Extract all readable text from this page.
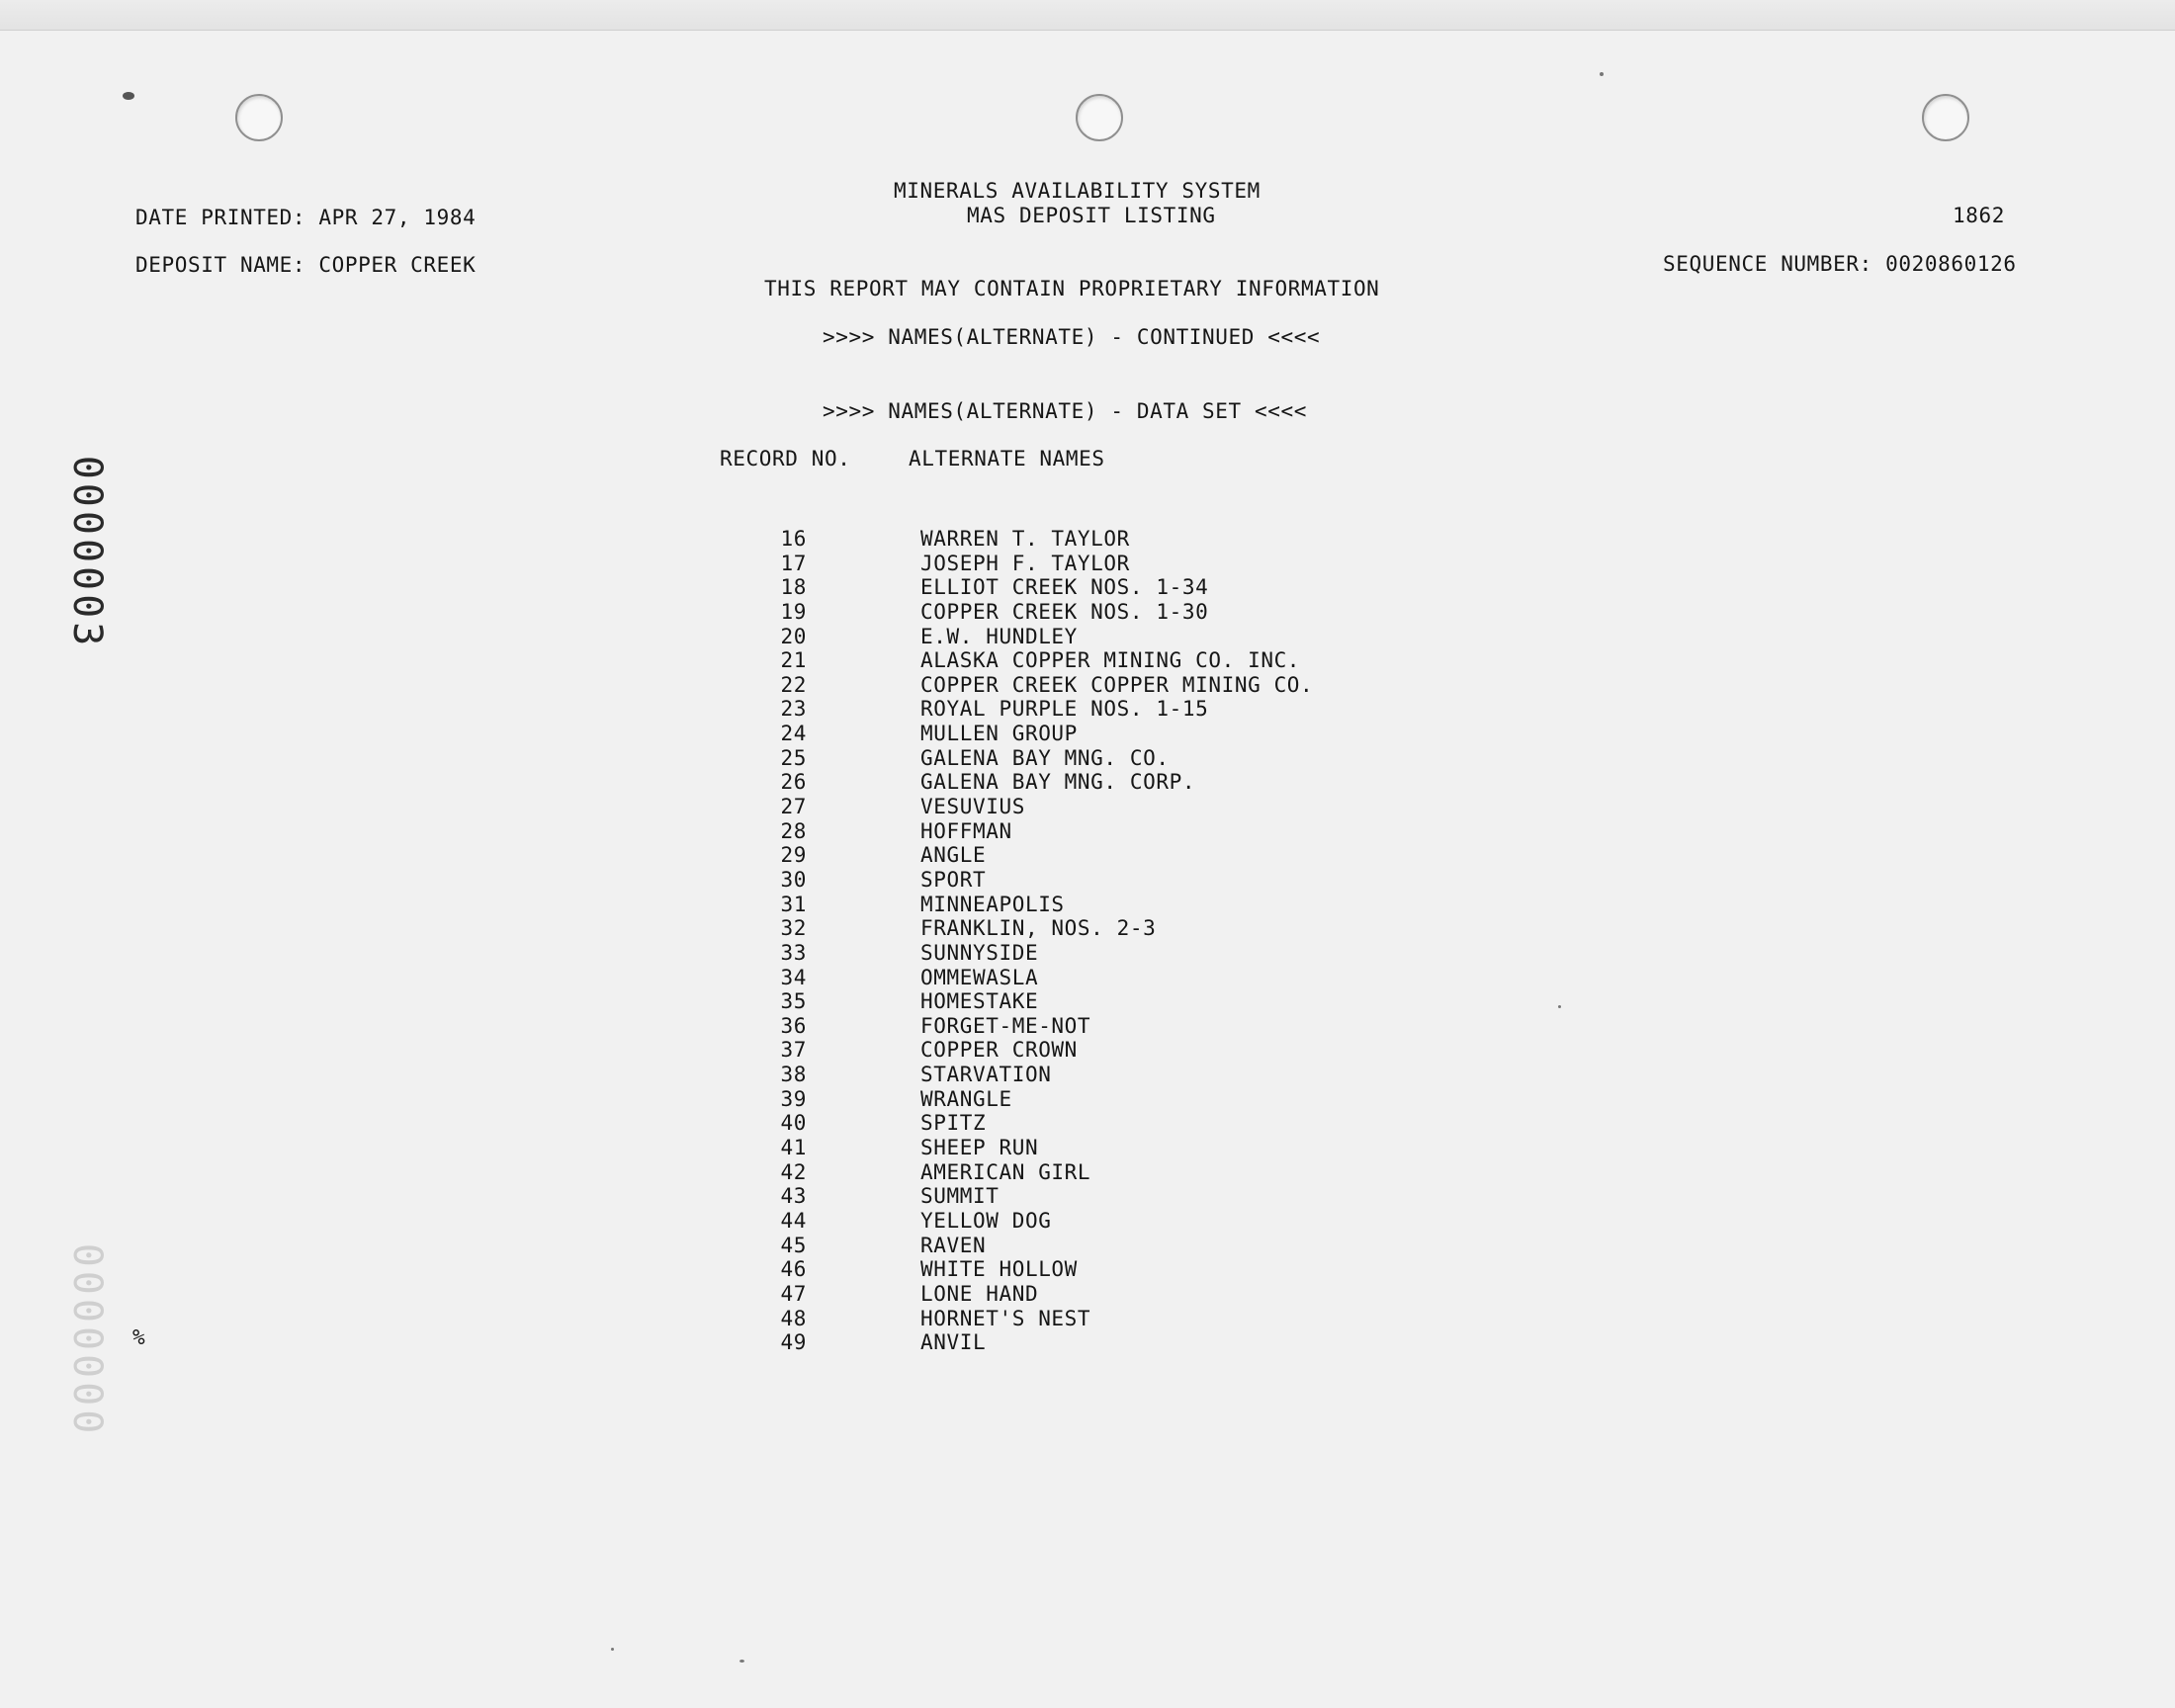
MINERALS AVAILABILITY SYSTEM
MAS DEPOSIT LISTING
DATE PRINTED: APR 27, 1984	1862
DEPOSIT NAME: COPPER CREEK	SEQUENCE NUMBER: 0020860126
THIS REPORT MAY CONTAIN PROPRIETARY INFORMATION
>>>> NAMES(ALTERNATE) - CONTINUED <<<<
>>>> NAMES(ALTERNATE) - DATA SET <<<<
RECORD NO.	ALTERNATE NAMES
16	WARREN T. TAYLOR
17	JOSEPH F. TAYLOR
18	ELLIOT CREEK NOS. 1-34
19	COPPER CREEK NOS. 1-30
20	E.W. HUNDLEY
21	ALASKA COPPER MINING CO. INC.
22	COPPER CREEK COPPER MINING CO.
23	ROYAL PURPLE NOS. 1-15
24	MULLEN GROUP
25	GALENA BAY MNG. CO.
26	GALENA BAY MNG. CORP.
27	VESUVIUS
28	HOFFMAN
29	ANGLE
30	SPORT
31	MINNEAPOLIS
32	FRANKLIN, NOS. 2-3
33	SUNNYSIDE
34	OMMEWASLA
35	HOMESTAKE
36	FORGET-ME-NOT
37	COPPER CROWN
38	STARVATION
39	WRANGLE
40	SPITZ
41	SHEEP RUN
42	AMERICAN GIRL
43	SUMMIT
44	YELLOW DOG
45	RAVEN
46	WHITE HOLLOW
47	LONE HAND
48	HORNET'S NEST
49	ANVIL
0000003
0000000 %
